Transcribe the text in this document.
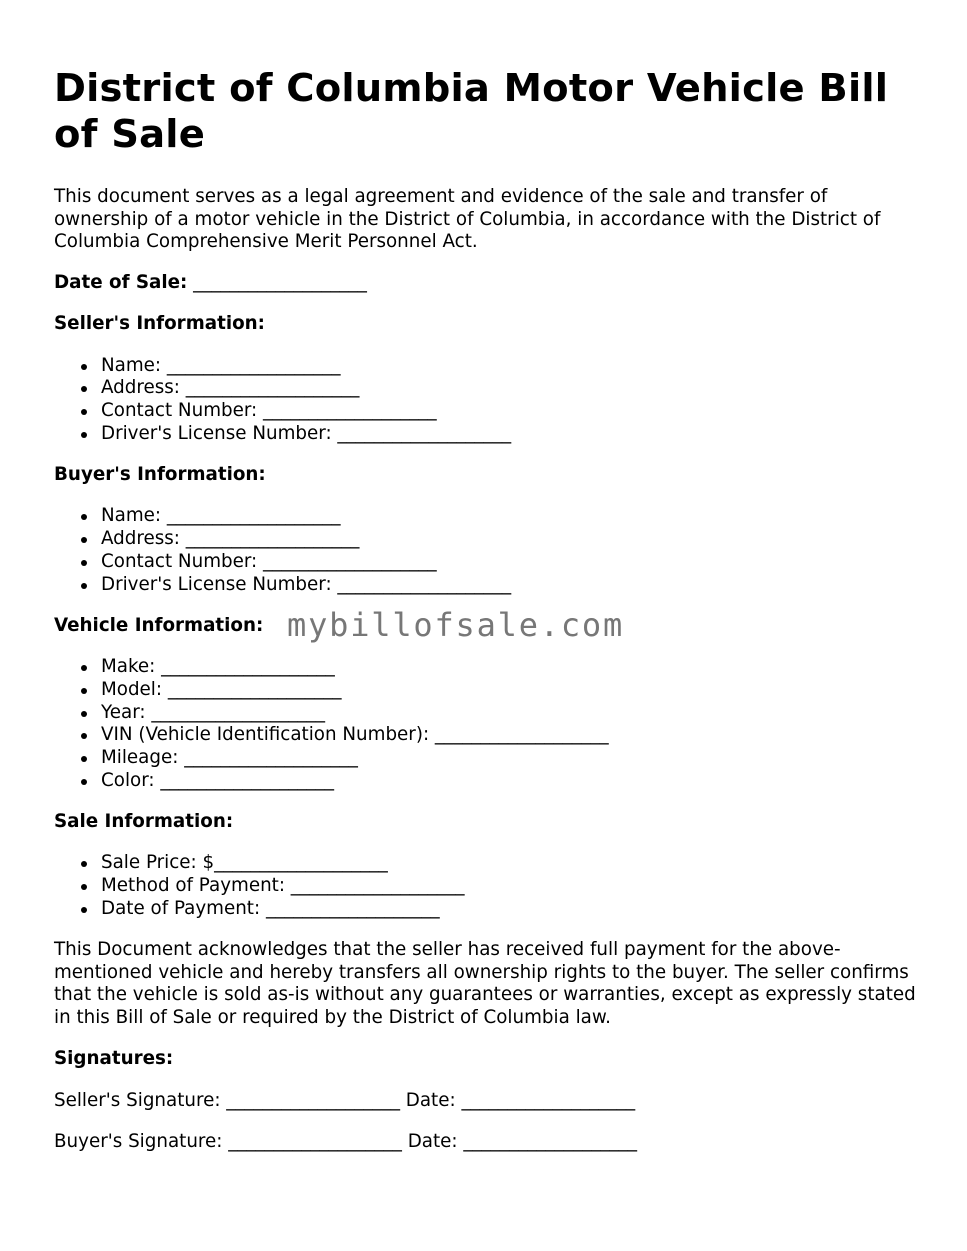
District of Columbia Motor Vehicle Bill of Sale

This document serves as a legal agreement and evidence of the sale and transfer of ownership of a motor vehicle in the District of Columbia, in accordance with the District of Columbia Comprehensive Merit Personnel Act.

Date of Sale: ___________________
Seller's Information:
Name: ___________________
Address: ___________________
Contact Number: ___________________
Driver's License Number: ___________________
Buyer's Information:
Name: ___________________
Address: ___________________
Contact Number: ___________________
Driver's License Number: ___________________
Vehicle Information: mybillofsale.com
Make: ___________________
Model: ___________________
Year: ___________________
VIN (Vehicle Identification Number): ___________________
Mileage: ___________________
Color: ___________________
Sale Information:
Sale Price: $___________________
Method of Payment: ___________________
Date of Payment: ___________________

This Document acknowledges that the seller has received full payment for the above-mentioned vehicle and hereby transfers all ownership rights to the buyer. The seller confirms that the vehicle is sold as-is without any guarantees or warranties, except as expressly stated in this Bill of Sale or required by the District of Columbia law.

Signatures:
Seller's Signature: ___________________ Date: ___________________
Buyer's Signature: ___________________ Date: ___________________
